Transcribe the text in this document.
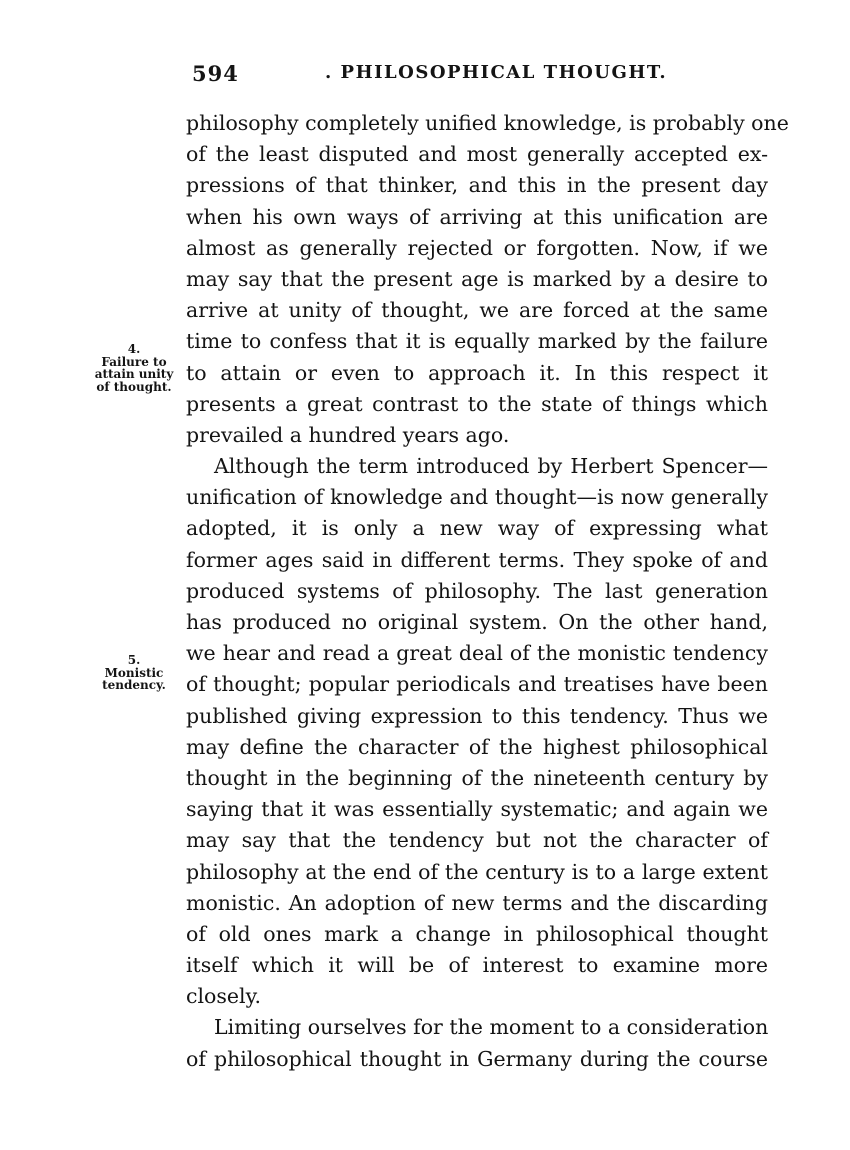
594	. PHILOSOPHICAL THOUGHT.
4.
Failure to
attain unity
of thought.
5.
Monistic
tendency.
philosophy completely unified knowledge, is probably one
of the least disputed and most generally accepted ex-
pressions of that thinker, and this in the present day
when his own ways of arriving at this unification are
almost as generally rejected or forgotten. Now, if we
may say that the present age is marked by a desire to
arrive at unity of thought, we are forced at the same
time to confess that it is equally marked by the failure
to attain or even to approach it. In this respect it
presents a great contrast to the state of things which
prevailed a hundred years ago.
Although the term introduced by Herbert Spencer—
unification of knowledge and thought—is now generally
adopted, it is only a new way of expressing what
former ages said in different terms. They spoke of and
produced systems of philosophy. The last generation
has produced no original system. On the other hand,
we hear and read a great deal of the monistic tendency
of thought; popular periodicals and treatises have been
published giving expression to this tendency. Thus we
may define the character of the highest philosophical
thought in the beginning of the nineteenth century by
saying that it was essentially systematic; and again we
may say that the tendency but not the character of
philosophy at the end of the century is to a large extent
monistic. An adoption of new terms and the discarding
of old ones mark a change in philosophical thought
itself which it will be of interest to examine more
closely.
Limiting ourselves for the moment to a consideration
of philosophical thought in Germany during the course
